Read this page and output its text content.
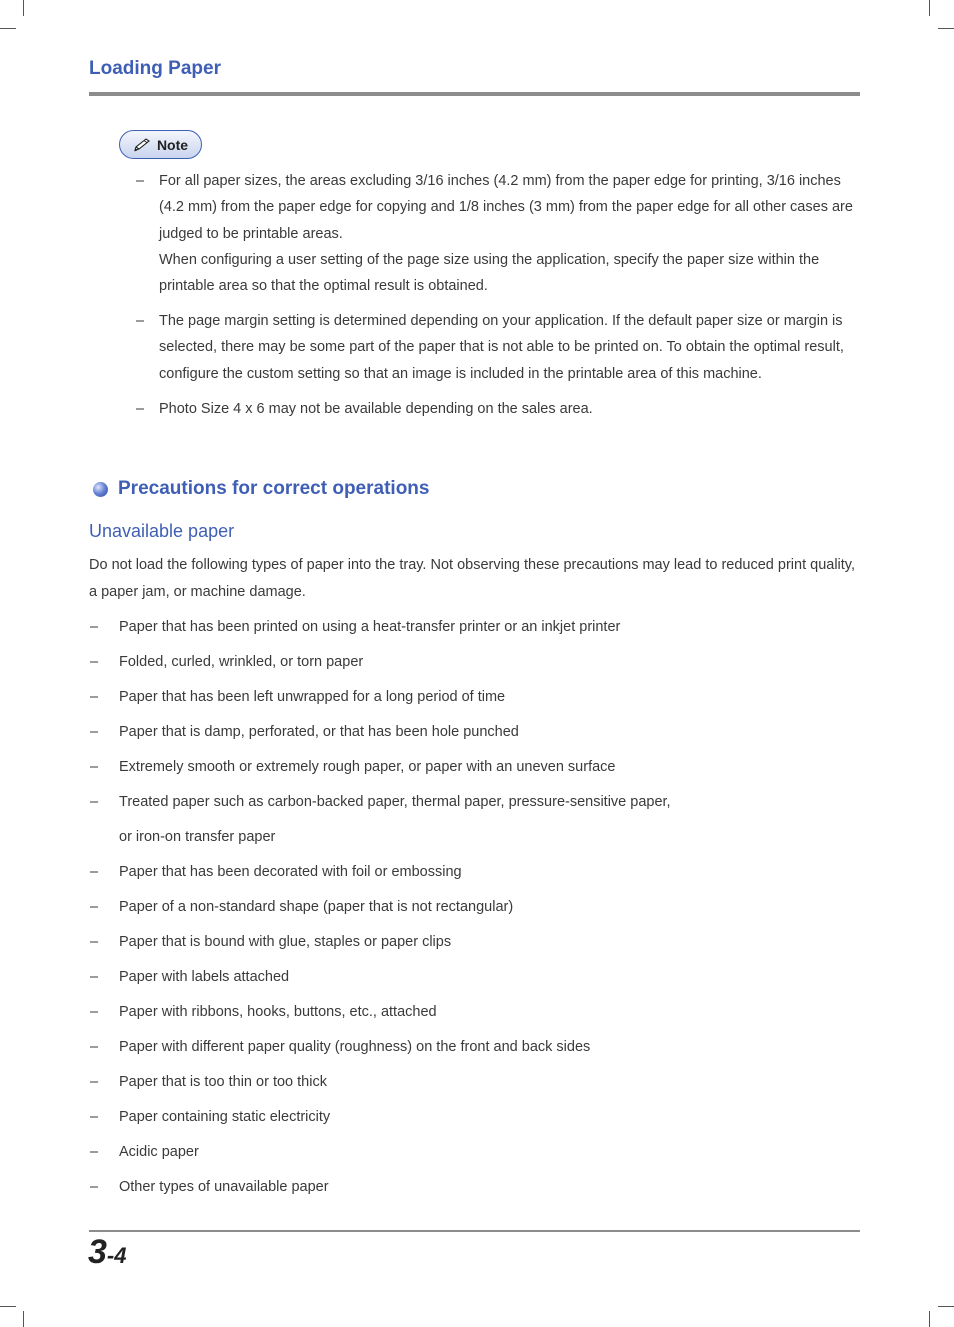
Loading Paper
Note
– For all paper sizes, the areas excluding 3/16 inches (4.2 mm) from the paper edge for printing, 3/16 inches (4.2 mm) from the paper edge for copying and 1/8 inches (3 mm) from the paper edge for all other cases are judged to be printable areas.
When configuring a user setting of the page size using the application, specify the paper size within the printable area so that the optimal result is obtained.
– The page margin setting is determined depending on your application. If the default paper size or margin is selected, there may be some part of the paper that is not able to be printed on. To obtain the optimal result, configure the custom setting so that an image is included in the printable area of this machine.
– Photo Size 4 x 6 may not be available depending on the sales area.
Precautions for correct operations
Unavailable paper

Do not load the following types of paper into the tray. Not observing these precautions may lead to reduced print quality, a paper jam, or machine damage.

– Paper that has been printed on using a heat-transfer printer or an inkjet printer
– Folded, curled, wrinkled, or torn paper
– Paper that has been left unwrapped for a long period of time
– Paper that is damp, perforated, or that has been hole punched
– Extremely smooth or extremely rough paper, or paper with an uneven surface
– Treated paper such as carbon-backed paper, thermal paper, pressure-sensitive paper,
or iron-on transfer paper
– Paper that has been decorated with foil or embossing
– Paper of a non-standard shape (paper that is not rectangular)
– Paper that is bound with glue, staples or paper clips
– Paper with labels attached
– Paper with ribbons, hooks, buttons, etc., attached
– Paper with different paper quality (roughness) on the front and back sides
– Paper that is too thin or too thick
– Paper containing static electricity
– Acidic paper
– Other types of unavailable paper
3-4
